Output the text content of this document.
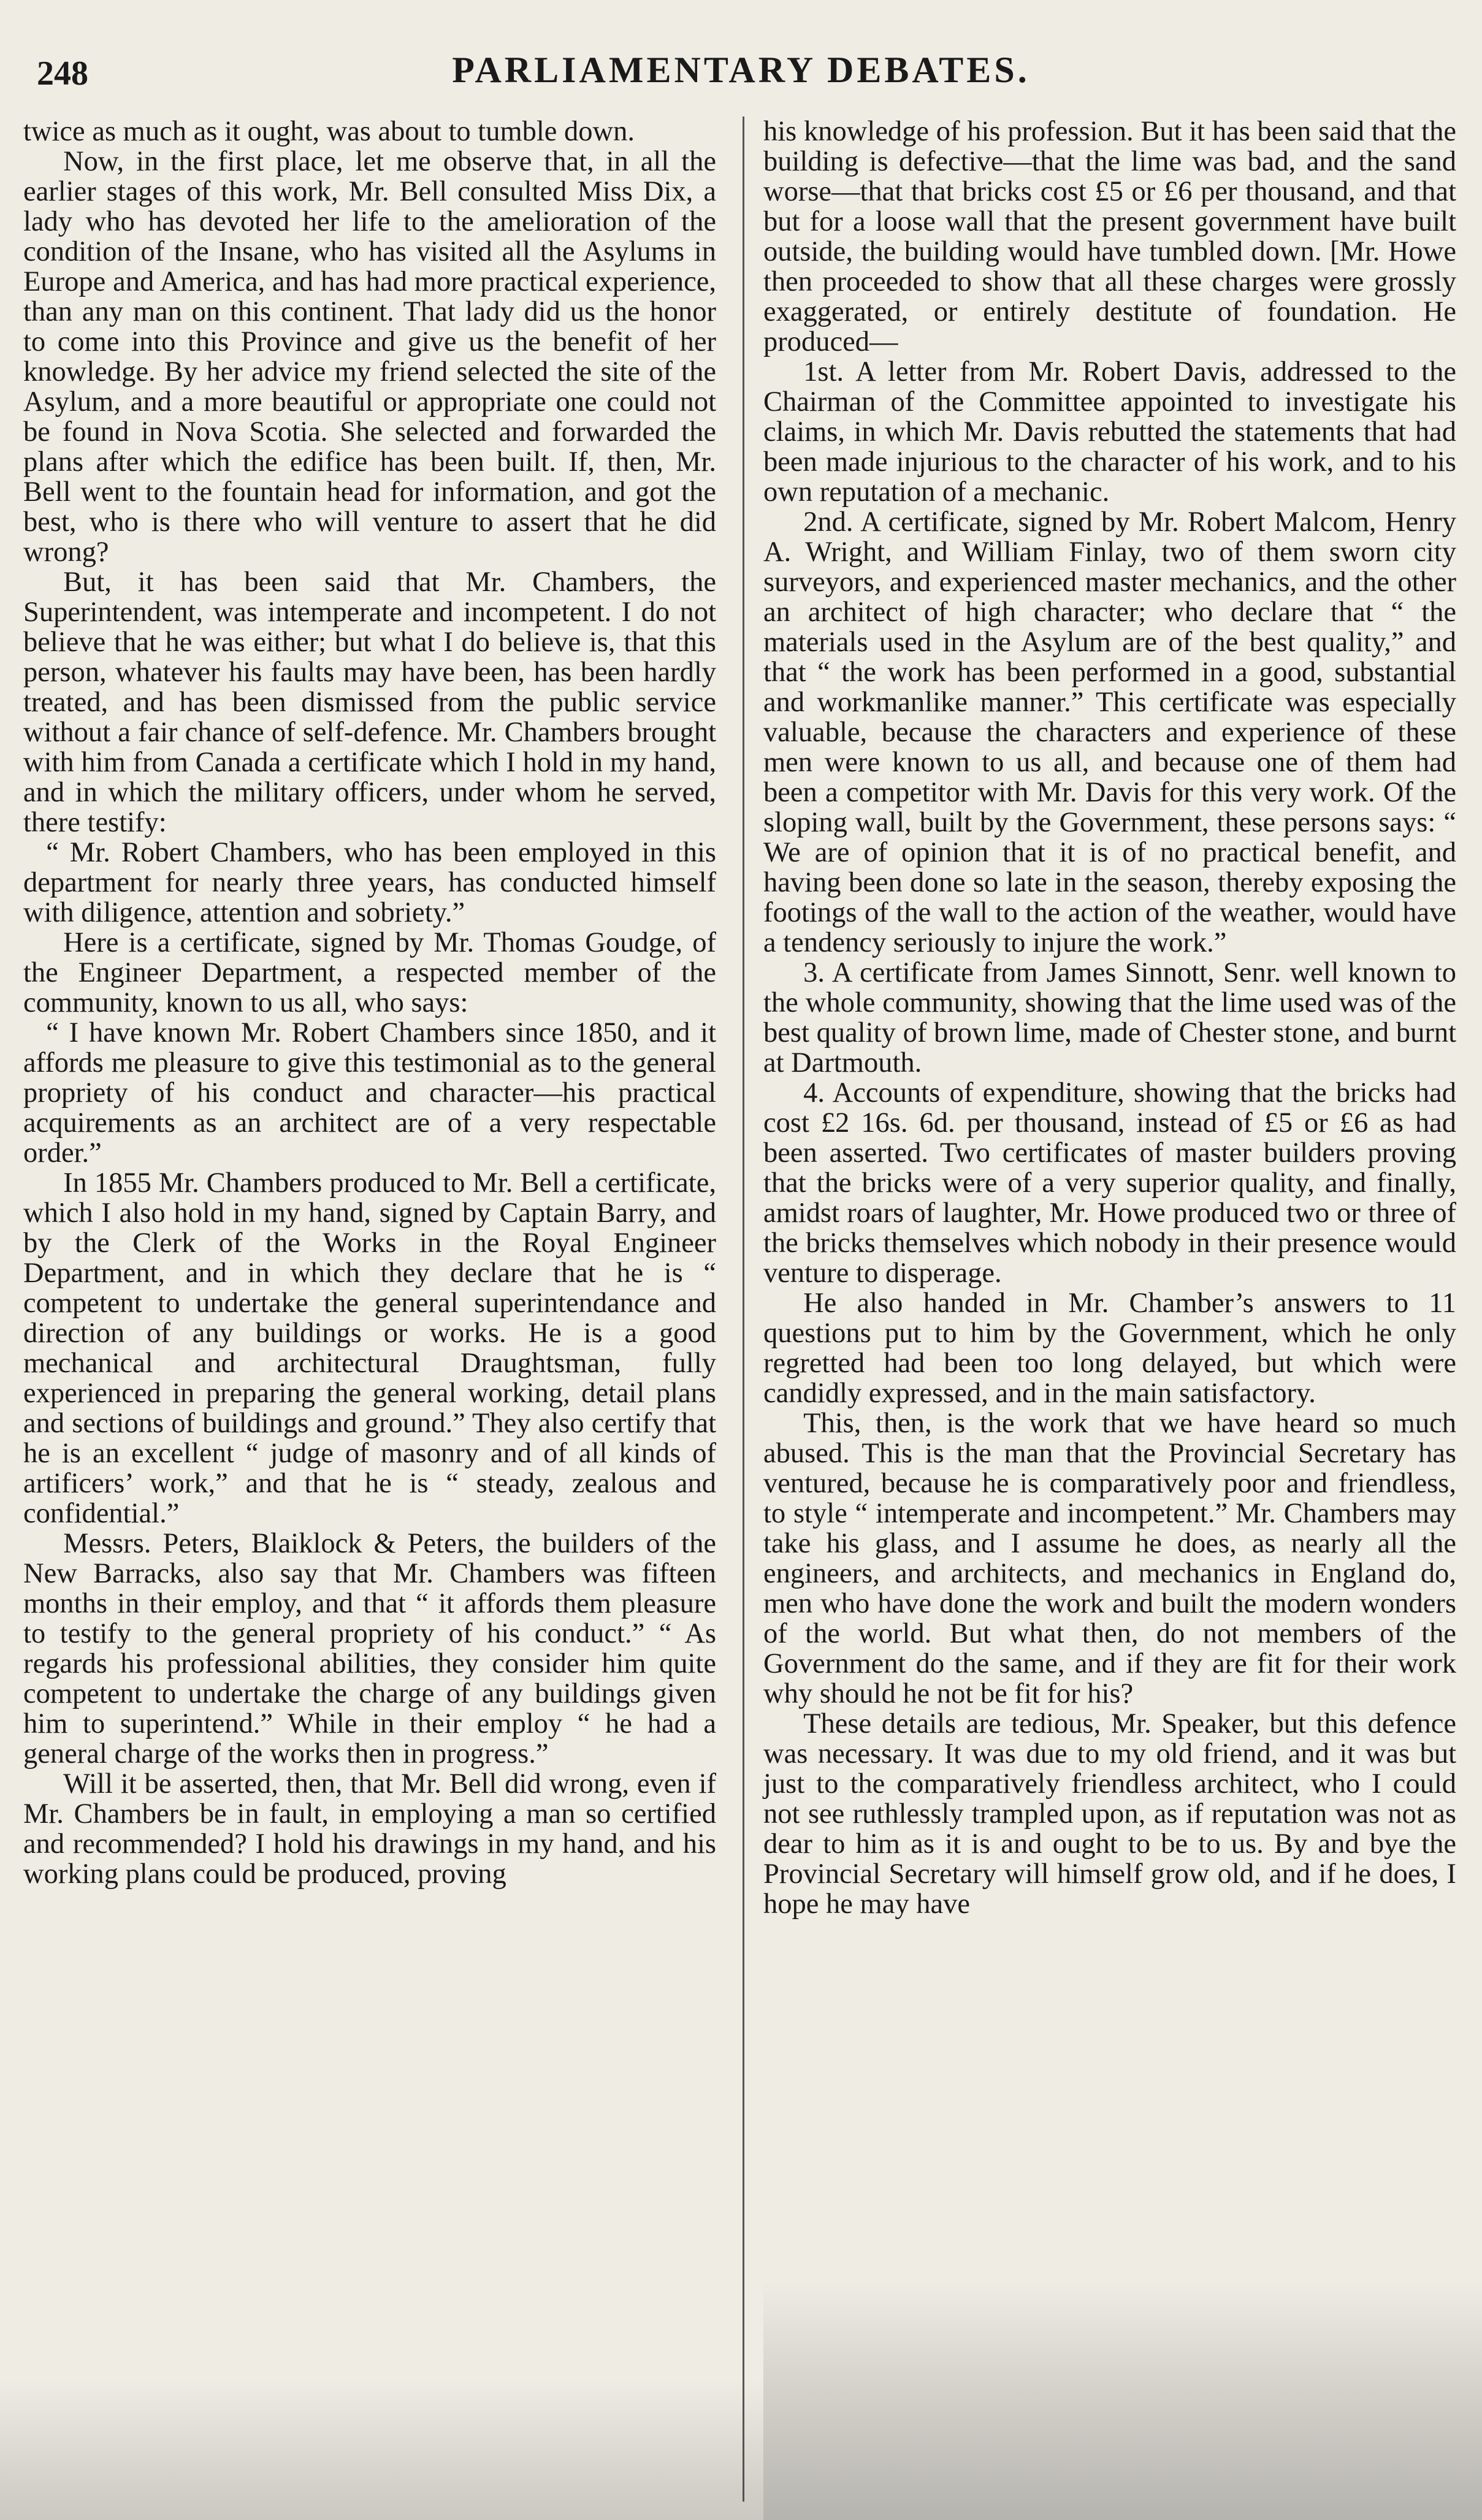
248	PARLIAMENTARY DEBATES.

twice as much as it ought, was about to tumble down.

Now, in the first place, let me observe that, in all the earlier stages of this work, Mr. Bell consulted Miss Dix, a lady who has devoted her life to the amelioration of the condition of the Insane, who has visited all the Asylums in Europe and America, and has had more practical experience, than any man on this continent. That lady did us the honor to come into this Province and give us the benefit of her knowledge. By her advice my friend selected the site of the Asylum, and a more beautiful or appropriate one could not be found in Nova Scotia. She selected and forwarded the plans after which the edifice has been built. If, then, Mr. Bell went to the fountain head for information, and got the best, who is there who will venture to assert that he did wrong?

But, it has been said that Mr. Chambers, the Superintendent, was intemperate and incompetent. I do not believe that he was either; but what I do believe is, that this person, whatever his faults may have been, has been hardly treated, and has been dismissed from the public service without a fair chance of self-defence. Mr. Chambers brought with him from Canada a certificate which I hold in my hand, and in which the military officers, under whom he served, there testify:

“ Mr. Robert Chambers, who has been employed in this department for nearly three years, has conducted himself with diligence, attention and sobriety.”

Here is a certificate, signed by Mr. Thomas Goudge, of the Engineer Department, a respected member of the community, known to us all, who says:

“ I have known Mr. Robert Chambers since 1850, and it affords me pleasure to give this testimonial as to the general propriety of his conduct and character—his practical acquirements as an architect are of a very respectable order.”

In 1855 Mr. Chambers produced to Mr. Bell a certificate, which I also hold in my hand, signed by Captain Barry, and by the Clerk of the Works in the Royal Engineer Department, and in which they declare that he is “ competent to undertake the general superintendance and direction of any buildings or works. He is a good mechanical and architectural Draughtsman, fully experienced in preparing the general working, detail plans and sections of buildings and ground.” They also certify that he is an excellent “ judge of masonry and of all kinds of artificers’ work,” and that he is “ steady, zealous and confidential.”

Messrs. Peters, Blaiklock & Peters, the builders of the New Barracks, also say that Mr. Chambers was fifteen months in their employ, and that “ it affords them pleasure to testify to the general propriety of his conduct.” “ As regards his professional abilities, they consider him quite competent to undertake the charge of any buildings given him to superintend.” While in their employ “ he had a general charge of the works then in progress.”

Will it be asserted, then, that Mr. Bell did wrong, even if Mr. Chambers be in fault, in employing a man so certified and recommended? I hold his drawings in my hand, and his working plans could be produced, proving

his knowledge of his profession. But it has been said that the building is defective—that the lime was bad, and the sand worse—that that bricks cost £5 or £6 per thousand, and that but for a loose wall that the present government have built outside, the building would have tumbled down. [Mr. Howe then proceeded to show that all these charges were grossly exaggerated, or entirely destitute of foundation. He produced—

1st. A letter from Mr. Robert Davis, addressed to the Chairman of the Committee appointed to investigate his claims, in which Mr. Davis rebutted the statements that had been made injurious to the character of his work, and to his own reputation of a mechanic.

2nd. A certificate, signed by Mr. Robert Malcom, Henry A. Wright, and William Finlay, two of them sworn city surveyors, and experienced master mechanics, and the other an architect of high character; who declare that “ the materials used in the Asylum are of the best quality,” and that “ the work has been performed in a good, substantial and workmanlike manner.” This certificate was especially valuable, because the characters and experience of these men were known to us all, and because one of them had been a competitor with Mr. Davis for this very work. Of the sloping wall, built by the Government, these persons says: “ We are of opinion that it is of no practical benefit, and having been done so late in the season, thereby exposing the footings of the wall to the action of the weather, would have a tendency seriously to injure the work.”

3. A certificate from James Sinnott, Senr. well known to the whole community, showing that the lime used was of the best quality of brown lime, made of Chester stone, and burnt at Dartmouth.

4. Accounts of expenditure, showing that the bricks had cost £2 16s. 6d. per thousand, instead of £5 or £6 as had been asserted. Two certificates of master builders proving that the bricks were of a very superior quality, and finally, amidst roars of laughter, Mr. Howe produced two or three of the bricks themselves which nobody in their presence would venture to disperage.

He also handed in Mr. Chamber’s answers to 11 questions put to him by the Government, which he only regretted had been too long delayed, but which were candidly expressed, and in the main satisfactory.

This, then, is the work that we have heard so much abused. This is the man that the Provincial Secretary has ventured, because he is comparatively poor and friendless, to style “ intemperate and incompetent.” Mr. Chambers may take his glass, and I assume he does, as nearly all the engineers, and architects, and mechanics in England do, men who have done the work and built the modern wonders of the world. But what then, do not members of the Government do the same, and if they are fit for their work why should he not be fit for his?

These details are tedious, Mr. Speaker, but this defence was necessary. It was due to my old friend, and it was but just to the comparatively friendless architect, who I could not see ruthlessly trampled upon, as if reputation was not as dear to him as it is and ought to be to us. By and bye the Provincial Secretary will himself grow old, and if he does, I hope he may have
